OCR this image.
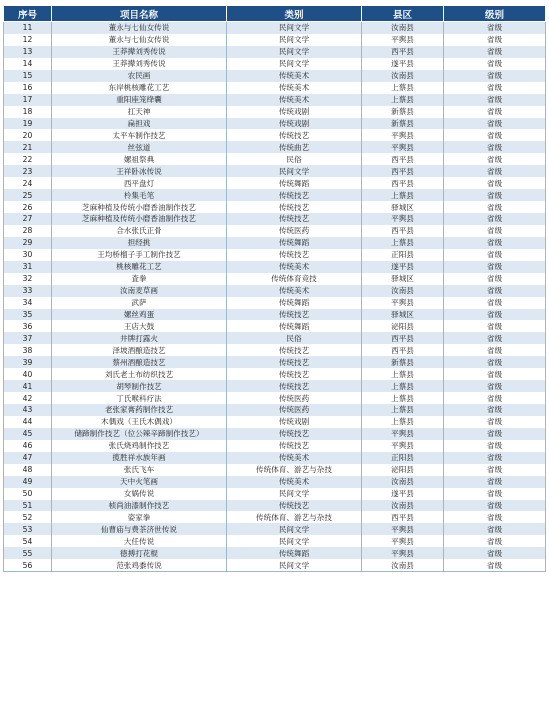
序号	项目名称	类别	县区	级别
11	董永与七仙女传说	民间文学	汝南县	省级
12	董永与七仙女传说	民间文学	平舆县	省级
13	王莽撵刘秀传说	民间文学	西平县	省级
14	王莽撵刘秀传说	民间文学	遂平县	省级
15	农民画	传统美术	汝南县	省级
16	东岸桃核雕花工艺	传统美术	上蔡县	省级
17	重阳座笼绛囊	传统美术	上蔡县	省级
18	扛天神	传统戏剧	新蔡县	省级
19	扁担戏	传统戏剧	新蔡县	省级
20	太平车制作技艺	传统技艺	平舆县	省级
21	丝弦道	传统曲艺	平舆县	省级
22	嫘祖祭典	民俗	西平县	省级
23	王祥卧冰传说	民间文学	西平县	省级
24	西平盘灯	传统舞蹈	西平县	省级
25	柃集毛笔	传统技艺	上蔡县	省级
26	芝麻种植及传统小磨香油制作技艺	传统技艺	驿城区	省级
27	芝麻种植及传统小磨香油制作技艺	传统技艺	平舆县	省级
28	合水张氏正骨	传统医药	西平县	省级
29	担经挑	传统舞蹈	上蔡县	省级
30	王均桥榴子手工制作技艺	传统技艺	正阳县	省级
31	桃核雕花工艺	传统美术	遂平县	省级
32	査拳	传统体育竞技	驿城区	省级
33	汝南麦草画	传统美术	汝南县	省级
34	武萨	传统舞蹈	平舆县	省级
35	嫘丝鸡蛋	传统技艺	驿城区	省级
36	王店大鼓	传统舞蹈	泌阳县	省级
37	井牌打露火	民俗	西平县	省级
38	泽坡酒酿造技艺	传统技艺	西平县	省级
39	蔡州酒酿造技艺	传统技艺	新蔡县	省级
40	刘氏老土布纺织技艺	传统技艺	上蔡县	省级
41	胡琴制作技艺	传统技艺	上蔡县	省级
42	丁氏喉科疗法	传统医药	上蔡县	省级
43	老张家膏药制作技艺	传统医药	上蔡县	省级
44	木偶戏（王氏木偶戏）	传统戏剧	上蔡县	省级
45	储蹄制作技艺（位公辣辛蹄制作技艺）	传统技艺	平舆县	省级
46	张氏烧鸡制作技艺	传统技艺	平舆县	省级
47	揽胜祥水族年画	传统美术	正阳县	省级
48	张氏飞车	传统体育、游艺与杂技	泌阳县	省级
49	天中火笔画	传统美术	汝南县	省级
50	女娲传说	民间文学	遂平县	省级
51	桢尚油漆制作技艺	传统技艺	汝南县	省级
52	姿家拳	传统体育、游艺与杂技	西平县	省级
53	仙曹庙与费茶济世传说	民间文学	平舆县	省级
54	大任传说	民间文学	平舆县	省级
55	徳搏打花棍	传统舞蹈	平舆县	省级
56	范张鸡黍传说	民间文学	汝南县	省级
